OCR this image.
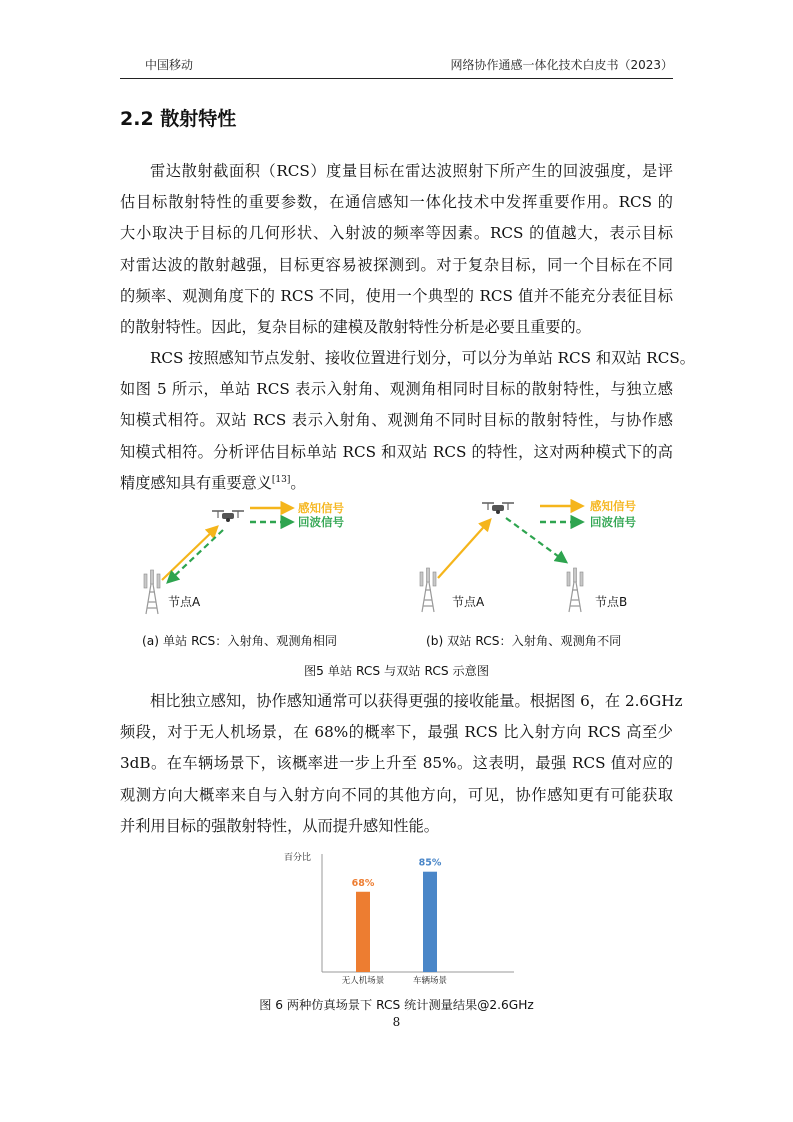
中国移动	网络协作通感一体化技术白皮书（2023）
2.2 散射特性
雷达散射截面积（RCS）度量目标在雷达波照射下所产生的回波强度，是评
估目标散射特性的重要参数，在通信感知一体化技术中发挥重要作用。RCS 的
大小取决于目标的几何形状、入射波的频率等因素。RCS 的值越大，表示目标
对雷达波的散射越强，目标更容易被探测到。对于复杂目标，同一个目标在不同
的频率、观测角度下的 RCS 不同，使用一个典型的 RCS 值并不能充分表征目标
的散射特性。因此，复杂目标的建模及散射特性分析是必要且重要的。
RCS 按照感知节点发射、接收位置进行划分，可以分为单站 RCS 和双站 RCS。
如图 5 所示，单站 RCS 表示入射角、观测角相同时目标的散射特性，与独立感
知模式相符。双站 RCS 表示入射角、观测角不同时目标的散射特性，与协作感
知模式相符。分析评估目标单站 RCS 和双站 RCS 的特性，这对两种模式下的高
精度感知具有重要意义[13]。
感知信号
回波信号
节点A
感知信号
回波信号
节点A	节点B
(a) 单站 RCS：入射角、观测角相同	(b) 双站 RCS：入射角、观测角不同
图5 单站 RCS 与双站 RCS 示意图
相比独立感知，协作感知通常可以获得更强的接收能量。根据图 6，在 2.6GHz
频段，对于无人机场景，在 68%的概率下，最强 RCS 比入射方向 RCS 高至少
3dB。在车辆场景下，该概率进一步上升至 85%。这表明，最强 RCS 值对应的
观测方向大概率来自与入射方向不同的其他方向，可见，协作感知更有可能获取
并利用目标的强散射特性，从而提升感知性能。
百分比
68%
无人机场景
85%
车辆场景
图 6 两种仿真场景下 RCS 统计测量结果@2.6GHz
8
